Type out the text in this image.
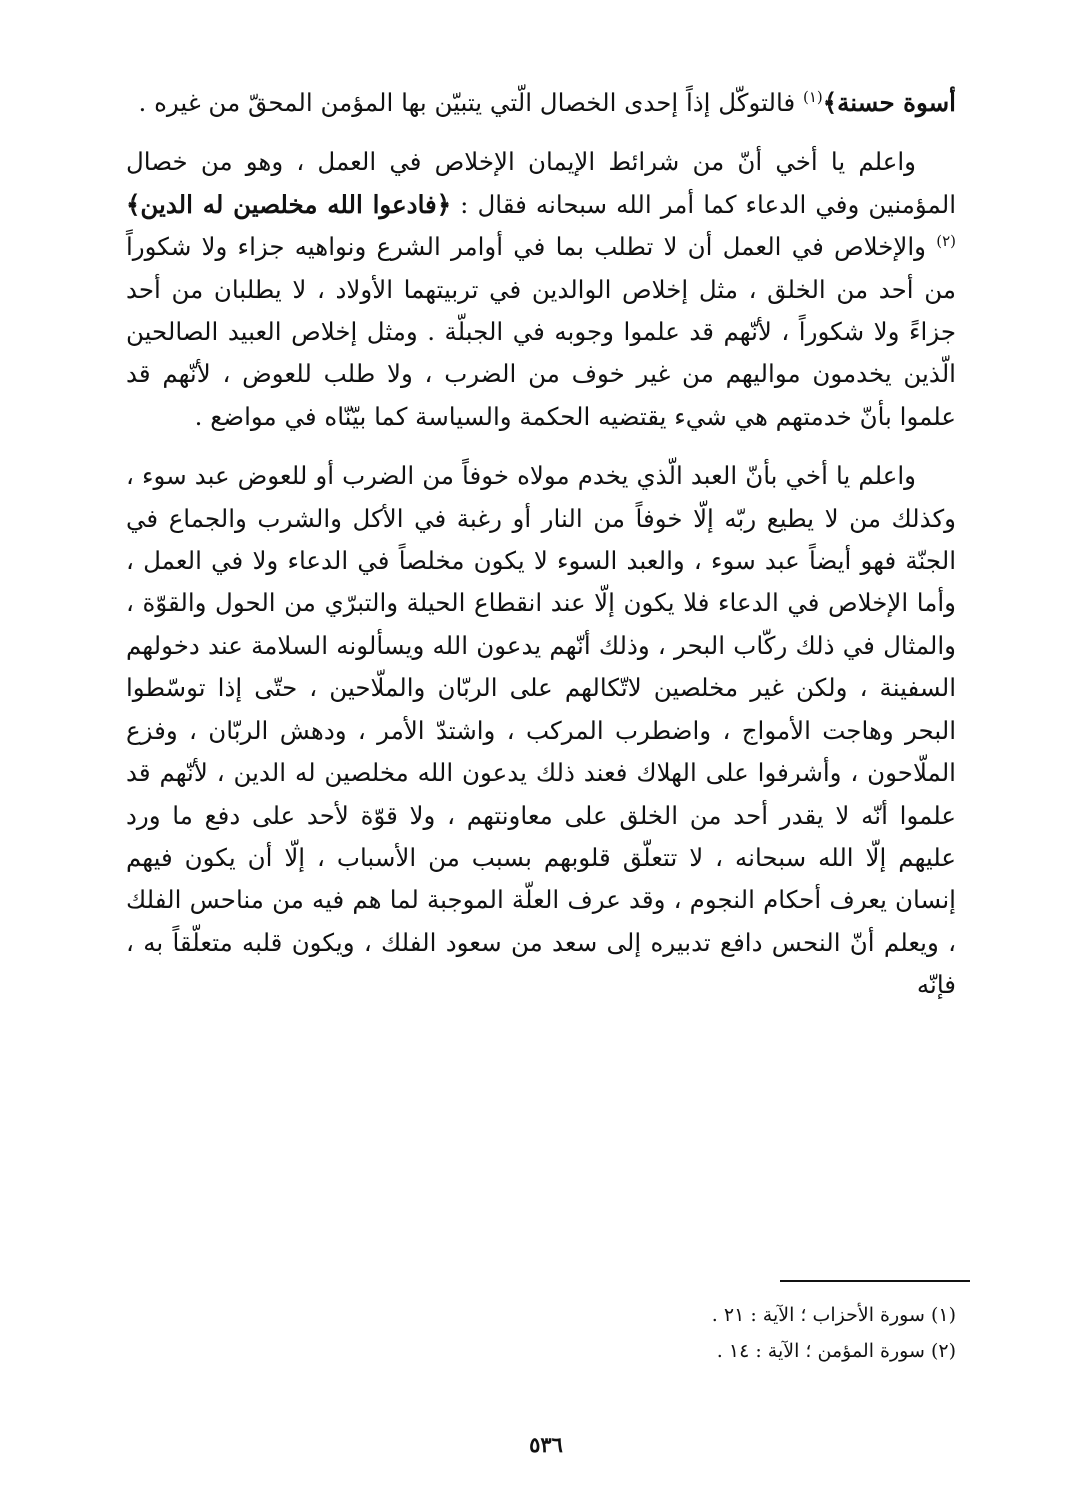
أسوة حسنة﴾$^{(١)}$ فالتوكّل إذاً إحدى الخصال الّتي يتبيّن بها المؤمن المحقّ من غيره .

واعلم يا أخي أنّ من شرائط الإيمان الإخلاص في العمل ، وهو من خصال المؤمنين وفي الدعاء كما أمر الله سبحانه فقال : ﴿فادعوا الله مخلصين له الدين﴾$^{(٢)}$ والإخلاص في العمل أن لا تطلب بما في أوامر الشرع ونواهيه جزاء ولا شكوراً من أحد من الخلق ، مثل إخلاص الوالدين في تربيتهما الأولاد ، لا يطلبان من أحد جزاءً ولا شكوراً ، لأنّهم قد علموا وجوبه في الجبلّة . ومثل إخلاص العبيد الصالحين الّذين يخدمون مواليهم من غير خوف من الضرب ، ولا طلب للعوض ، لأنّهم قد علموا بأنّ خدمتهم هي شيء يقتضيه الحكمة والسياسة كما بيّنّاه في مواضع .

واعلم يا أخي بأنّ العبد الّذي يخدم مولاه خوفاً من الضرب أو للعوض عبد سوء ، وكذلك من لا يطيع ربّه إلّا خوفاً من النار أو رغبة في الأكل والشرب والجماع في الجنّة فهو أيضاً عبد سوء ، والعبد السوء لا يكون مخلصاً في الدعاء ولا في العمل ، وأما الإخلاص في الدعاء فلا يكون إلّا عند انقطاع الحيلة والتبرّي من الحول والقوّة ، والمثال في ذلك ركّاب البحر ، وذلك أنّهم يدعون الله ويسألونه السلامة عند دخولهم السفينة ، ولكن غير مخلصين لاتّكالهم على الربّان والملّاحين ، حتّى إذا توسّطوا البحر وهاجت الأمواج ، واضطرب المركب ، واشتدّ الأمر ، ودهش الربّان ، وفزع الملّاحون ، وأشرفوا على الهلاك فعند ذلك يدعون الله مخلصين له الدين ، لأنّهم قد علموا أنّه لا يقدر أحد من الخلق على معاونتهم ، ولا قوّة لأحد على دفع ما ورد عليهم إلّا الله سبحانه ، لا تتعلّق قلوبهم بسبب من الأسباب ، إلّا أن يكون فيهم إنسان يعرف أحكام النجوم ، وقد عرف العلّة الموجبة لما هم فيه من مناحس الفلك ، ويعلم أنّ النحس دافع تدبيره إلى سعد من سعود الفلك ، ويكون قلبه متعلّقاً به ، فإنّه

(١) سورة الأحزاب ؛ الآية : ٢١ .

(٢) سورة المؤمن ؛ الآية : ١٤ .

٥٣٦
